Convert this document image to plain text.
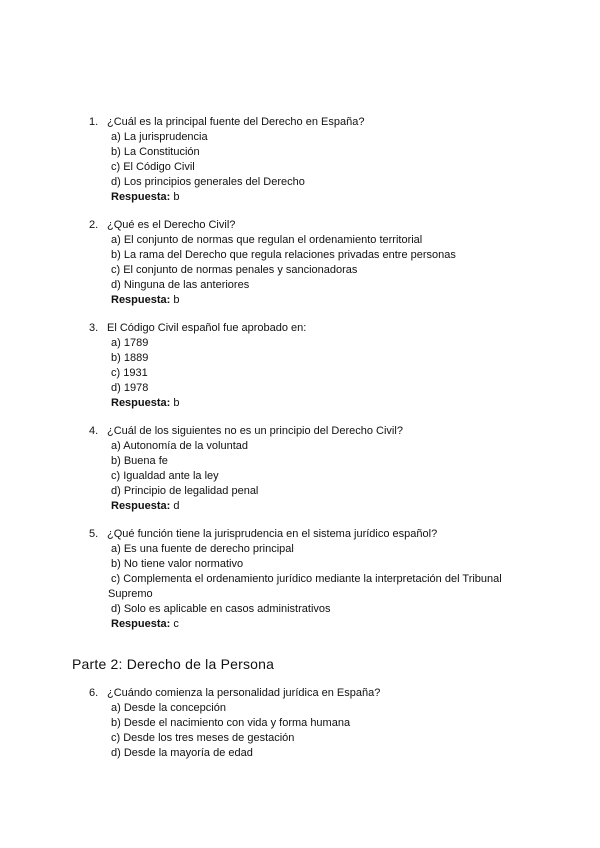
1. ¿Cuál es la principal fuente del Derecho en España?
a) La jurisprudencia
b) La Constitución
c) El Código Civil
d) Los principios generales del Derecho
Respuesta: b
2. ¿Qué es el Derecho Civil?
a) El conjunto de normas que regulan el ordenamiento territorial
b) La rama del Derecho que regula relaciones privadas entre personas
c) El conjunto de normas penales y sancionadoras
d) Ninguna de las anteriores
Respuesta: b
3. El Código Civil español fue aprobado en:
a) 1789
b) 1889
c) 1931
d) 1978
Respuesta: b
4. ¿Cuál de los siguientes no es un principio del Derecho Civil?
a) Autonomía de la voluntad
b) Buena fe
c) Igualdad ante la ley
d) Principio de legalidad penal
Respuesta: d
5. ¿Qué función tiene la jurisprudencia en el sistema jurídico español?
a) Es una fuente de derecho principal
b) No tiene valor normativo
c) Complementa el ordenamiento jurídico mediante la interpretación del Tribunal
Supremo
d) Solo es aplicable en casos administrativos
Respuesta: c
Parte 2: Derecho de la Persona
6. ¿Cuándo comienza la personalidad jurídica en España?
a) Desde la concepción
b) Desde el nacimiento con vida y forma humana
c) Desde los tres meses de gestación
d) Desde la mayoría de edad
